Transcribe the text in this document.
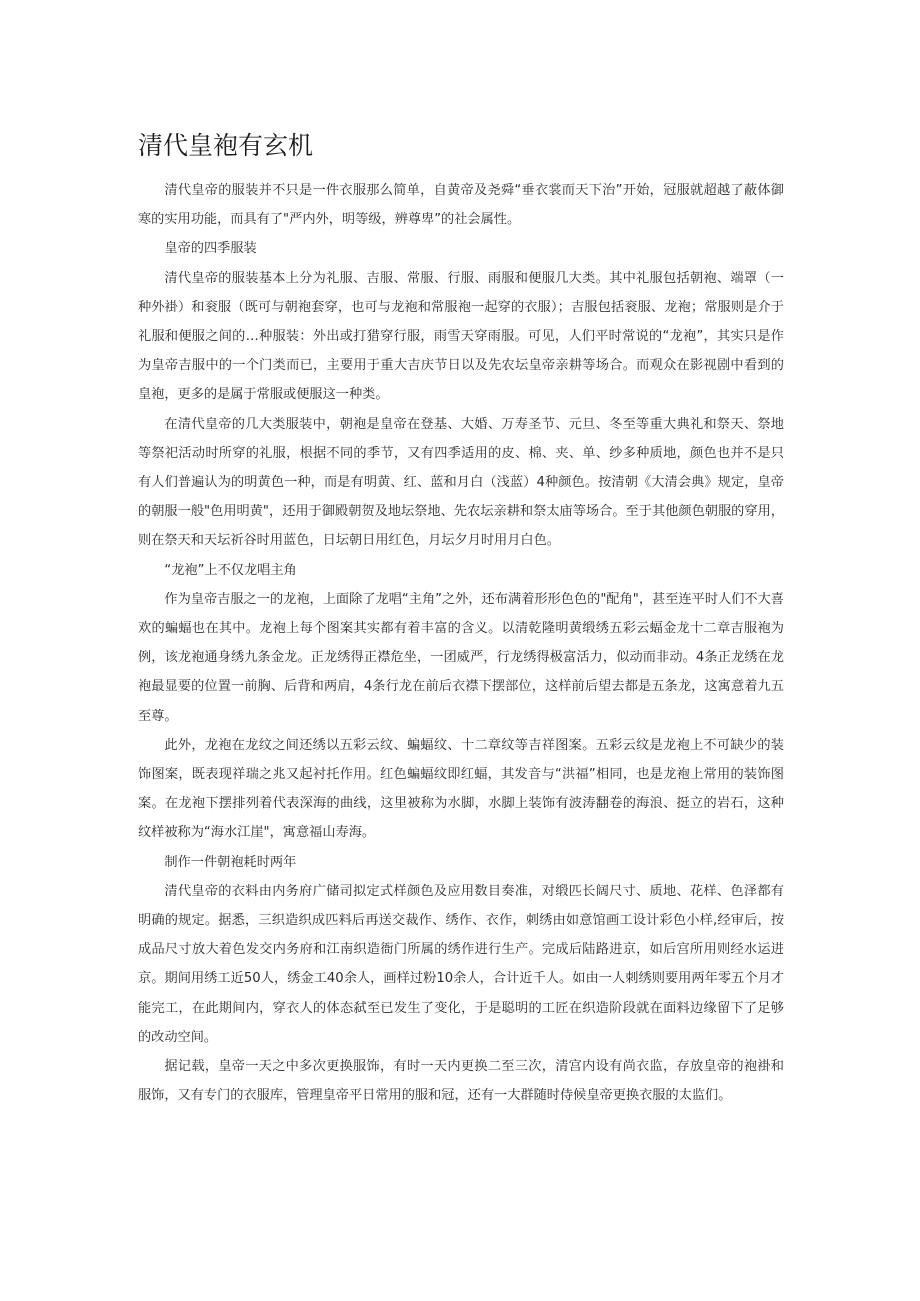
清代皇袍有玄机

清代皇帝的服装并不只是一件衣服那么简单，自黄帝及尧舜“垂衣裳而天下治”开始，冠服就超越了蔽体御寒的实用功能，而具有了"严内外，明等级，辨尊卑”的社会属性。

皇帝的四季服装

清代皇帝的服装基本上分为礼服、吉服、常服、行服、雨服和便服几大类。其中礼服包括朝袍、端罩（一种外褂）和衮服（既可与朝袍套穿，也可与龙袍和常服袍一起穿的衣服）；吉服包括衮服、龙袍；常服则是介于礼服和便服之间的…种服装：外出或打猎穿行服，雨雪天穿雨服。可见，人们平时常说的“龙袍”，其实只是作为皇帝吉服中的一个门类而已，主要用于重大吉庆节日以及先农坛皇帝亲耕等场合。而观众在影视剧中看到的皇袍，更多的是属于常服或便服这一种类。

在清代皇帝的几大类服装中，朝袍是皇帝在登基、大婚、万寿圣节、元旦、冬至等重大典礼和祭天、祭地等祭祀活动时所穿的礼服，根据不同的季节，又有四季适用的皮、棉、夹、单、纱多种质地，颜色也并不是只有人们普遍认为的明黄色一种，而是有明黄、红、蓝和月白（浅蓝）4种颜色。按清朝《大清会典》规定，皇帝的朝服一般"色用明黄"，还用于御殿朝贺及地坛祭地、先农坛亲耕和祭太庙等场合。至于其他颜色朝服的穿用，则在祭天和天坛祈谷时用蓝色，日坛朝日用红色，月坛夕月时用月白色。

“龙袍”上不仅龙唱主角

作为皇帝吉服之一的龙袍，上面除了龙唱“主角”之外，还布满着形形色色的"配角"，甚至连平时人们不大喜欢的蝙蝠也在其中。龙袍上每个图案其实都有着丰富的含义。以清乾隆明黄缎绣五彩云蝠金龙十二章吉服袍为例，该龙袍通身绣九条金龙。正龙绣得正襟危坐，一团威严，行龙绣得极富活力，似动而非动。4条正龙绣在龙袍最显要的位置一前胸、后背和两肩，4条行龙在前后衣襟下摆部位，这样前后望去都是五条龙，这寓意着九五至尊。

此外，龙袍在龙纹之间还绣以五彩云纹、蝙蝠纹、十二章纹等吉祥图案。五彩云纹是龙袍上不可缺少的装饰图案，既表现祥瑞之兆又起衬托作用。红色蝙蝠纹即红蝠，其发音与“洪福”相同，也是龙袍上常用的装饰图案。在龙袍下摆排列着代表深海的曲线，这里被称为水脚，水脚上装饰有波涛翻卷的海浪、挺立的岩石，这种纹样被称为“海水江崖"，寓意福山寿海。

制作一件朝袍耗时两年

清代皇帝的衣料由内务府广储司拟定式样颜色及应用数目奏准，对缎匹长阔尺寸、质地、花样、色泽都有明确的规定。据悉，三织造织成匹料后再送交裁作、绣作、衣作，刺绣由如意馆画工设计彩色小样,经审后，按成品尺寸放大着色发交内务府和江南织造衙门所属的绣作进行生产。完成后陆路进京，如后宫所用则经水运进京。期间用绣工近50人，绣金工40余人，画样过粉10余人，合计近千人。如由一人刺绣则要用两年零五个月才能完工，在此期间内，穿衣人的体态弑至已发生了变化，于是聪明的工匠在织造阶段就在面料边缘留下了足够的改动空间。

据记载，皇帝一天之中多次更换服饰，有时一天内更换二至三次，清宫内设有尚衣监，存放皇帝的袍褂和服饰，又有专门的衣服库，管理皇帝平日常用的服和冠，还有一大群随时侍候皇帝更换衣服的太监们。
